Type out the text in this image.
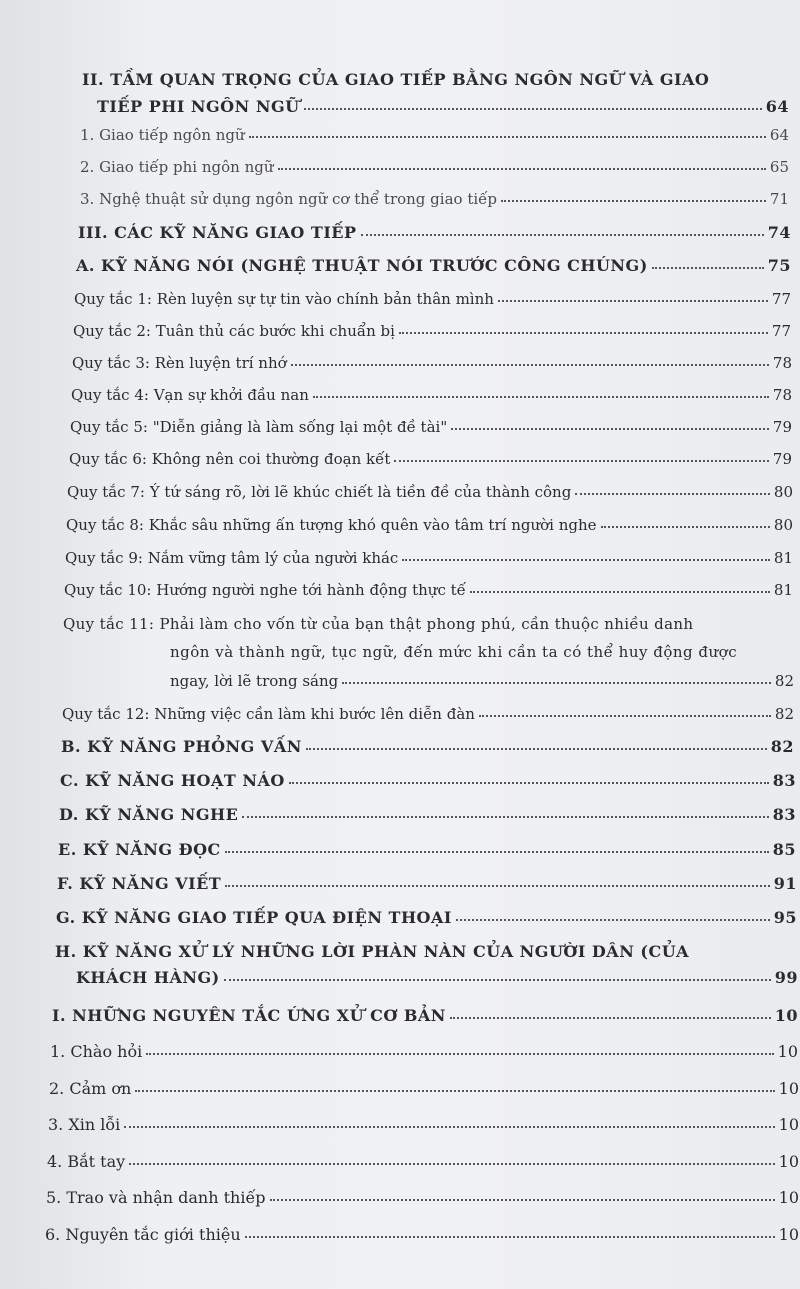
II. TẦM QUAN TRỌNG CỦA GIAO TIẾP BẰNG NGÔN NGỮ VÀ GIAO
TIẾP PHI NGÔN NGỮ	64
1. Giao tiếp ngôn ngữ	64
2. Giao tiếp phi ngôn ngữ	65
3. Nghệ thuật sử dụng ngôn ngữ cơ thể trong giao tiếp	71
III. CÁC KỸ NĂNG GIAO TIẾP	74
A. KỸ NĂNG NÓI (NGHỆ THUẬT NÓI TRƯỚC CÔNG CHÚNG)	75
Quy tắc 1: Rèn luyện sự tự tin vào chính bản thân mình	77
Quy tắc 2: Tuân thủ các bước khi chuẩn bị	77
Quy tắc 3: Rèn luyện trí nhớ	78
Quy tắc 4: Vạn sự khởi đầu nan	78
Quy tắc 5: "Diễn giảng là làm sống lại một đề tài"	79
Quy tắc 6: Không nên coi thường đoạn kết	79
Quy tắc 7: Ý tứ sáng rõ, lời lẽ khúc chiết là tiền đề của thành công	80
Quy tắc 8: Khắc sâu những ấn tượng khó quên vào tâm trí người nghe	80
Quy tắc 9: Nắm vững tâm lý của người khác	81
Quy tắc 10: Hướng người nghe tới hành động thực tế	81
Quy tắc 11: Phải làm cho vốn từ của bạn thật phong phú, cần thuộc nhiều danh
ngôn và thành ngữ, tục ngữ, đến mức khi cần ta có thể huy động được
ngay, lời lẽ trong sáng	82
Quy tắc 12: Những việc cần làm khi bước lên diễn đàn	82
B. KỸ NĂNG PHỎNG VẤN	82
C. KỸ NĂNG HOẠT NÁO	83
D. KỸ NĂNG NGHE	83
E. KỸ NĂNG ĐỌC	85
F. KỸ NĂNG VIẾT	91
G. KỸ NĂNG GIAO TIẾP QUA ĐIỆN THOẠI	95
H. KỸ NĂNG XỬ LÝ NHỮNG LỜI PHÀN NÀN CỦA NGƯỜI DÂN (CỦA
KHÁCH HÀNG)	99
I. NHỮNG NGUYÊN TẮC ỨNG XỬ CƠ BẢN	10
1. Chào hỏi	10
2. Cảm ơn	10
3. Xin lỗi	10
4. Bắt tay	10
5. Trao và nhận danh thiếp	10
6. Nguyên tắc giới thiệu	10
